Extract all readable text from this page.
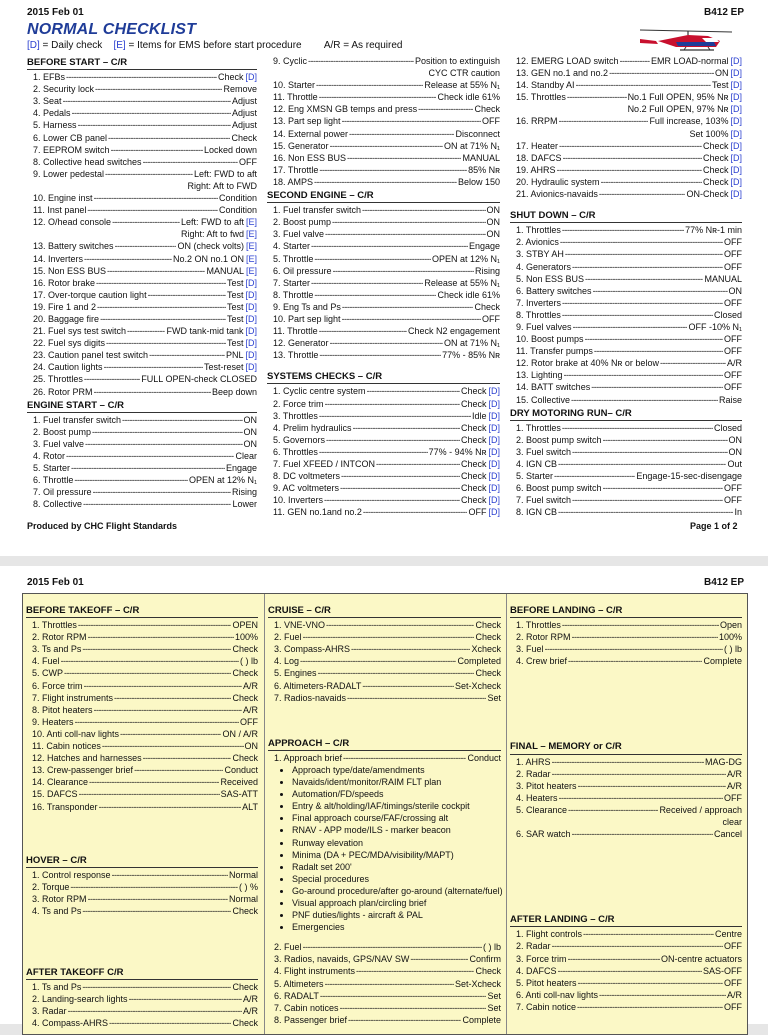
2015 Feb 01	B412 EP
NORMAL CHECKLIST
[D] = Daily check [E] = Items for EMS before start procedure A/R = As required
BEFORE START – C/R
1. EFBs -----	Check [D]
2. Security lock -----	Remove
3. Seat -----	Adjust
4. Pedals -----	Adjust
5. Harness -----	Adjust
6. Lower CB panel -----	Check
7. EEPROM switch -----	Locked down
8. Collective head switches -----	OFF
9. Lower pedestal -----	Left: FWD to aft
Right: Aft to FWD
10. Engine inst -----	Condition
11. Inst panel -----	Condition
12. O/head console -----	Left: FWD to aft [E]
Right: Aft to fwd [E]
13. Battery switches -----	ON (check volts) [E]
14. Inverters -----	No.2 ON no.1 ON [E]
15. Non ESS BUS -----	MANUAL [E]
16. Rotor brake -----	Test [D]
17. Over-torque caution light -----	Test [D]
19. Fire 1 and 2 -----	Test [D]
20. Baggage fire -----	Test [D]
21. Fuel sys test switch -----	FWD tank-mid tank [D]
22. Fuel sys digits -----	Test [D]
23. Caution panel test switch -----	PNL [D]
24. Caution lights -----	Test-reset [D]
25. Throttles -----	FULL OPEN-check CLOSED
26. Rotor PRM -----	Beep down
ENGINE START – C/R
1. Fuel transfer switch -----	ON
2. Boost pump -----	ON
3. Fuel valve -----	ON
4. Rotor -----	Clear
5. Starter -----	Engage
6. Throttle -----	OPEN at 12% N₁
7. Oil pressure -----	Rising
8. Collective -----	Lower
9. Cyclic -----	Position to extinguish
CYC CTR caution
10. Starter -----	Release at 55% N₁
11. Throttle -----	Check idle 61%
12. Eng XMSN GB temps and press -----	Check
13. Part sep light -----	OFF
14. External power -----	Disconnect
15. Generator -----	ON at 71% N₁
16. Non ESS BUS -----	MANUAL
17. Throttle -----	85% Nʀ
18. AMPS -----	Below 150
SECOND ENGINE – C/R
1. Fuel transfer switch -----	ON
2. Boost pump -----	ON
3. Fuel valve -----	ON
4. Starter -----	Engage
5. Throttle -----	OPEN at 12% N₁
6. Oil pressure -----	Rising
7. Starter -----	Release at 55% N₁
8. Throttle -----	Check idle 61%
9. Eng Ts and Ps -----	Check
10. Part sep light -----	OFF
11. Throttle -----	Check N2 engagement
12. Generator -----	ON at 71% N₁
13. Throttle -----	77% - 85% Nʀ
SYSTEMS CHECKS – C/R
1. Cyclic centre system -----	Check [D]
2. Force trim -----	Check [D]
3. Throttles -----	Idle [D]
4. Prelim hydraulics -----	Check [D]
5. Governors -----	Check [D]
6. Throttles -----	77% - 94% Nʀ [D]
7. Fuel XFEED / INTCON -----	Check [D]
8. DC voltmeters -----	Check [D]
9. AC voltmeters -----	Check [D]
10. Inverters -----	Check [D]
11. GEN no.1and no.2 -----	OFF [D]
12. EMERG LOAD switch -----	EMR LOAD-normal [D]
13. GEN no.1 and no.2 -----	ON [D]
14. Standby AI -----	Test [D]
15. Throttles -----	No.1 Full OPEN, 95% Nʀ [D]
No.2 Full OPEN, 97% Nʀ [D]
16. RRPM -----	Full increase, 103% [D]
Set 100% [D]
17. Heater -----	Check [D]
18. DAFCS -----	Check [D]
19. AHRS -----	Check [D]
20. Hydraulic system -----	Check [D]
21. Avionics-navaids -----	ON-Check [D]
SHUT DOWN – C/R
1. Throttles -----	77% Nʀ-1 min
2. Avionics -----	OFF
3. STBY AH -----	OFF
4. Generators -----	OFF
5. Non ESS BUS -----	MANUAL
6. Battery switches -----	ON
7. Inverters -----	OFF
8. Throttles -----	Closed
9. Fuel valves -----	OFF -10% N₁
10. Boost pumps -----	OFF
11. Transfer pumps -----	OFF
12. Rotor brake at 40% Nʀ or below -----	A/R
13. Lighting -----	OFF
14. BATT switches -----	OFF
15. Collective -----	Raise
DRY MOTORING RUN– C/R
1. Throttles -----	Closed
2. Boost pump switch -----	ON
3. Fuel switch -----	ON
4. IGN CB -----	Out
5. Starter -----	Engage-15-sec-disengage
6. Boost pump switch -----	OFF
7. Fuel switch -----	OFF
8. IGN CB -----	In
Produced by CHC Flight Standards	Page 1 of 2
2015 Feb 01	B412 EP
BEFORE TAKEOFF – C/R
1. Throttles -----	OPEN
2. Rotor RPM -----	100%
3. Ts and Ps -----	Check
4. Fuel -----	( ) lb
5. CWP -----	Check
6. Force trim -----	A/R
7. Flight instruments -----	Check
8. Pitot heaters -----	A/R
9. Heaters -----	OFF
10. Anti coll-nav lights -----	ON / A/R
11. Cabin notices -----	ON
12. Hatches and harnesses -----	Check
13. Crew-passenger brief -----	Conduct
14. Clearance -----	Received
15. DAFCS -----	SAS-ATT
16. Transponder -----	ALT
HOVER – C/R
1. Control response -----	Normal
2. Torque -----	( ) %
3. Rotor RPM -----	Normal
4. Ts and Ps -----	Check
AFTER TAKEOFF C/R
1. Ts and Ps -----	Check
2. Landing-search lights -----	A/R
3. Radar -----	A/R
4. Compass-AHRS -----	Check
CRUISE – C/R
1. VNE-VNO -----	Check
2. Fuel -----	Check
3. Compass-AHRS -----	Xcheck
4. Log -----	Completed
5. Engines -----	Check
6. Altimeters-RADALT -----	Set-Xcheck
7. Radios-navaids -----	Set
APPROACH – C/R
1. Approach brief -----	Conduct
• Approach type/date/amendments
• Navaids/ident/monitor/RAIM FLT plan
• Automation/FD/speeds
• Entry & alt/holding/IAF/timings/sterile cockpit
• Final approach course/FAF/crossing alt
• RNAV - APP mode/ILS - marker beacon
• Runway elevation
• Minima (DA + PEC/MDA/visibility/MAPT)
• Radalt set 200'
• Special procedures
• Go-around procedure/after go-around (alternate/fuel)
• Visual approach plan/circling brief
• PNF duties/lights - aircraft & PAL
• Emergencies
2. Fuel -----	( ) lb
3. Radios, navaids, GPS/NAV SW -----	Confirm
4. Flight instruments -----	Check
5. Altimeters -----	Set-Xcheck
6. RADALT -----	Set
7. Cabin notices -----	Set
8. Passenger brief -----	Complete
BEFORE LANDING – C/R
1. Throttles -----	Open
2. Rotor RPM -----	100%
3. Fuel -----	( ) lb
4. Crew brief -----	Complete
FINAL – MEMORY or C/R
1. AHRS -----	MAG-DG
2. Radar -----	A/R
3. Pitot heaters -----	A/R
4. Heaters -----	OFF
5. Clearance -----	Received / approach
clear
6. SAR watch -----	Cancel
AFTER LANDING – C/R
1. Flight controls -----	Centre
2. Radar -----	OFF
3. Force trim -----	ON-centre actuators
4. DAFCS -----	SAS-OFF
5. Pitot heaters -----	OFF
6. Anti coll-nav lights -----	A/R
7. Cabin notice -----	OFF
